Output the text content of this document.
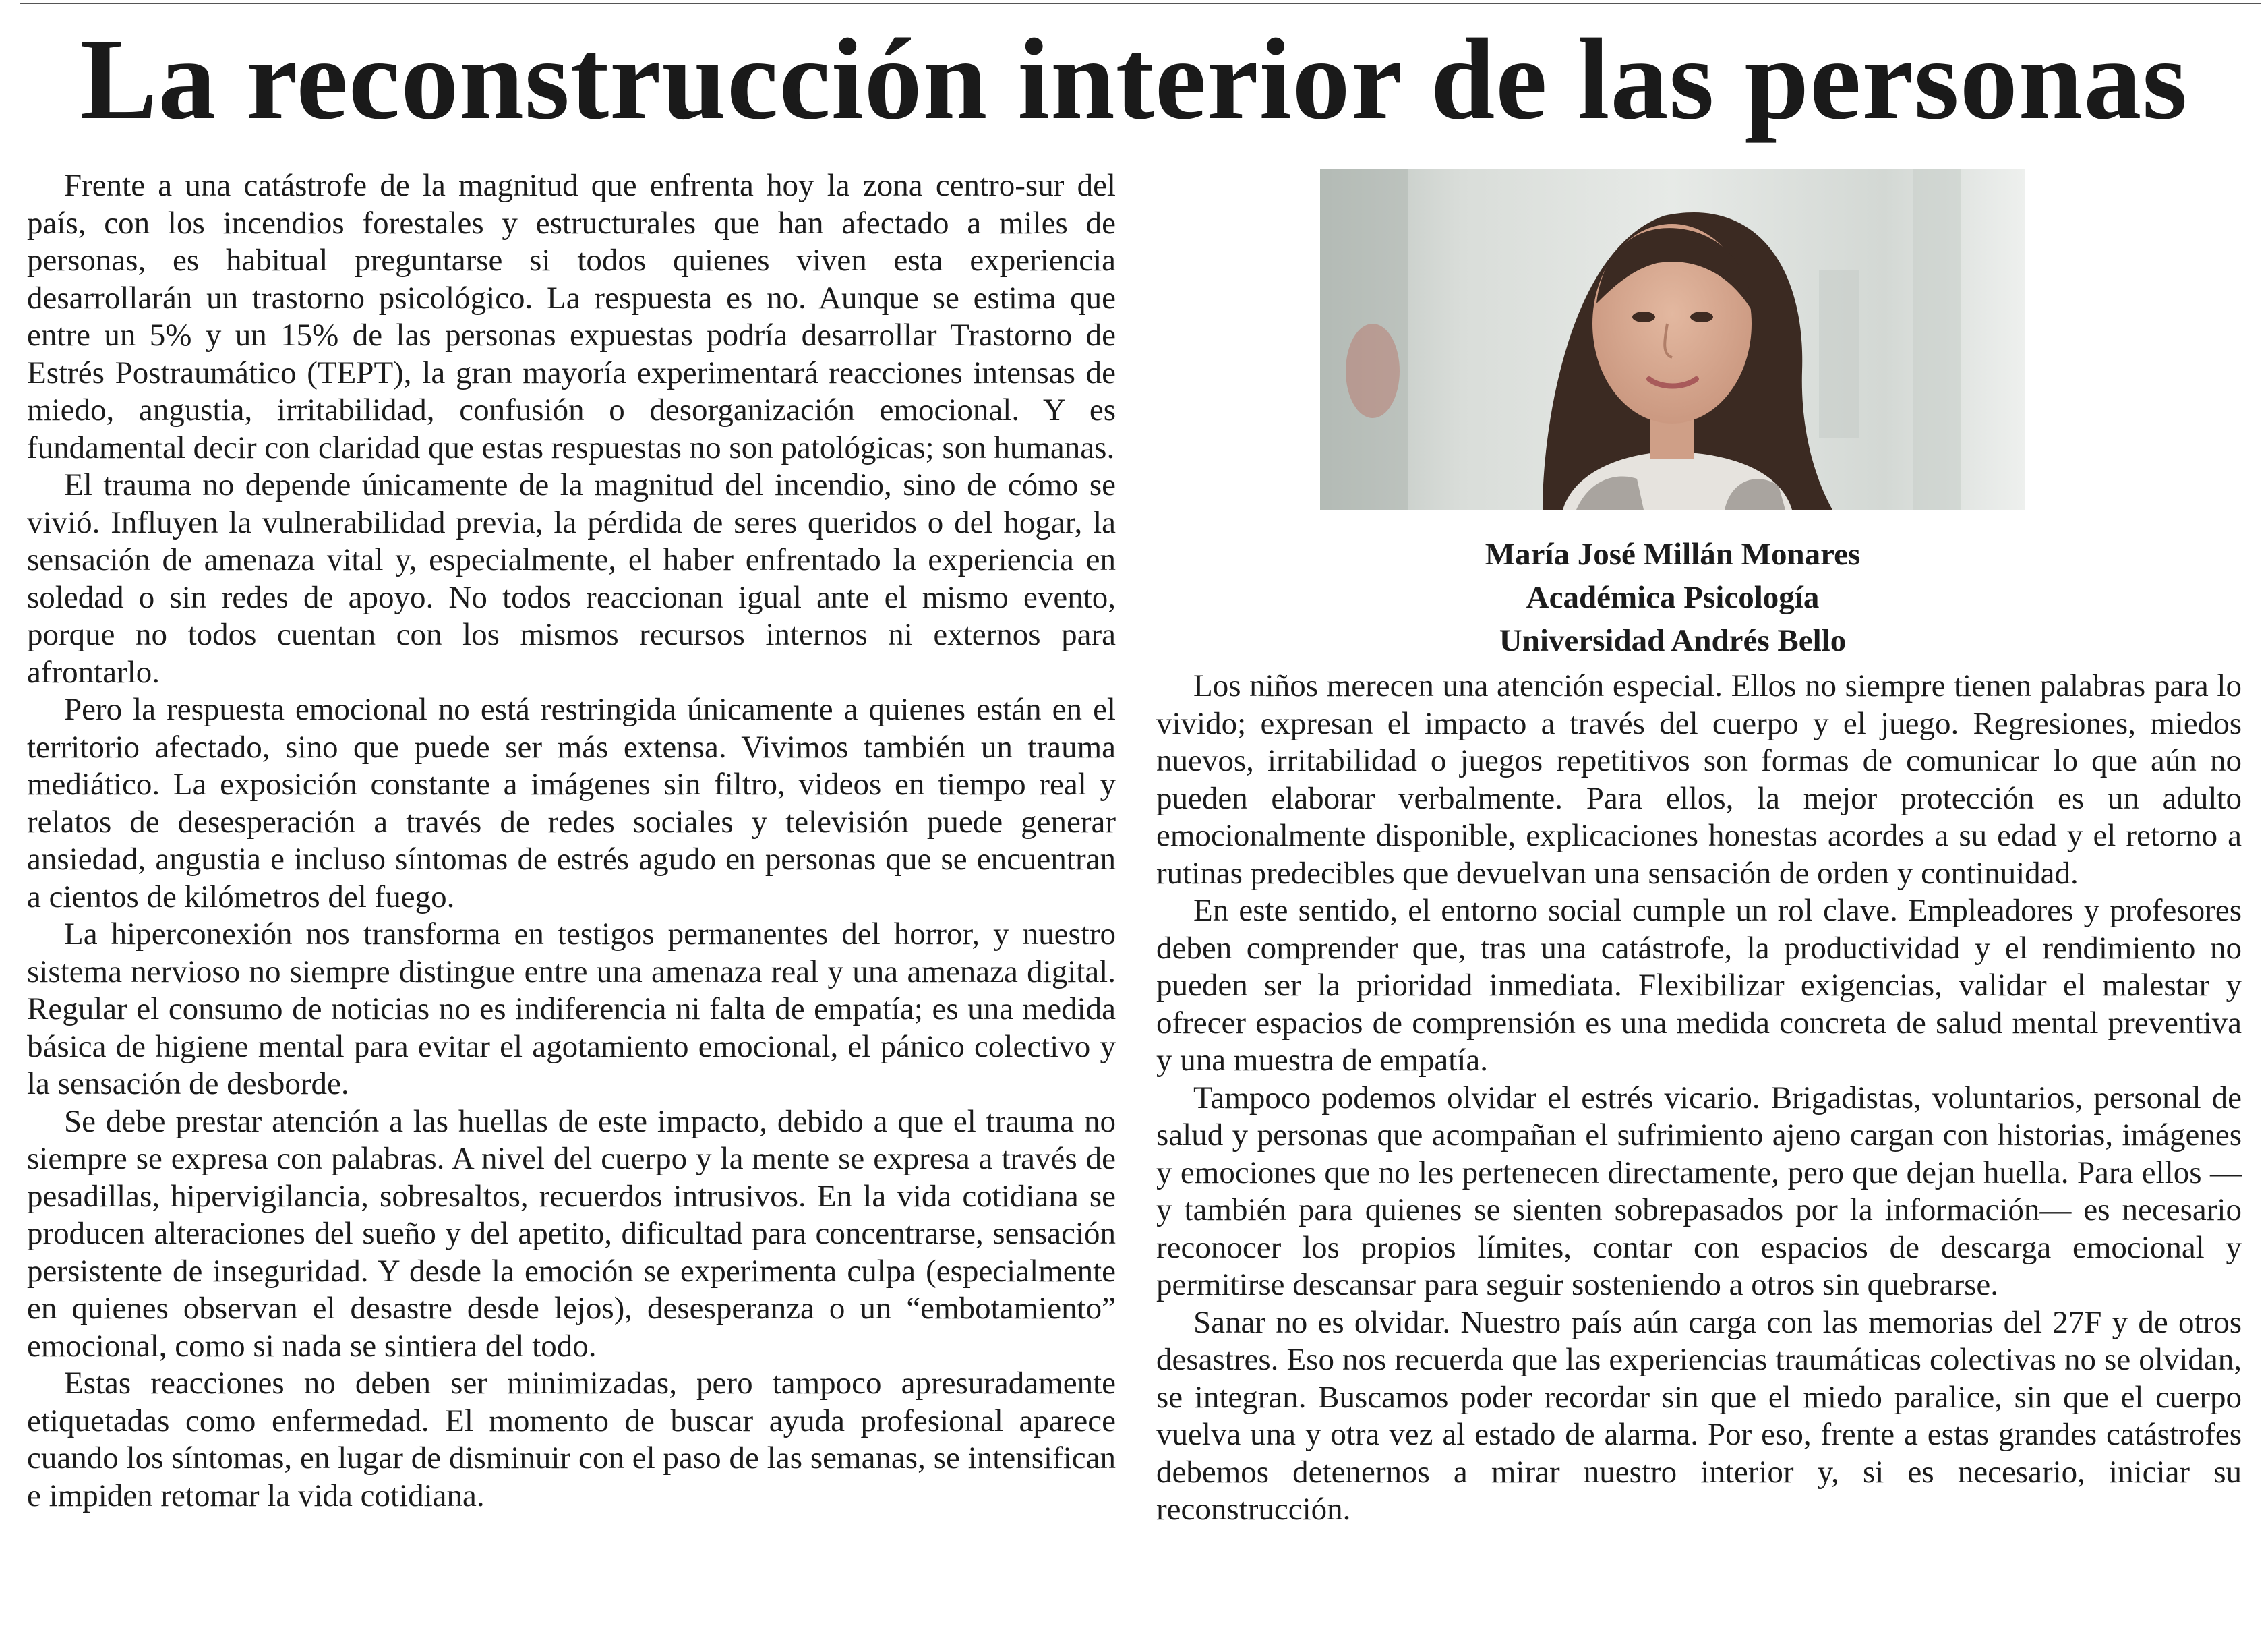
La reconstrucción interior de las personas

Frente a una catástrofe de la magnitud que enfrenta hoy la zona centro-sur del país, con los incendios forestales y estructurales que han afectado a miles de personas, es habitual preguntarse si todos quienes viven esta experiencia desarrollarán un trastorno psicológico. La respuesta es no. Aunque se estima que entre un 5% y un 15% de las personas expuestas podría desarrollar Trastorno de Estrés Postraumático (TEPT), la gran mayoría experimentará reacciones intensas de miedo, angustia, irritabilidad, confusión o desorganización emocional. Y es fundamental decir con claridad que estas respuestas no son patológicas; son humanas.

El trauma no depende únicamente de la magnitud del incendio, sino de cómo se vivió. Influyen la vulnerabilidad previa, la pérdida de seres queridos o del hogar, la sensación de amenaza vital y, especialmente, el haber enfrentado la experiencia en soledad o sin redes de apoyo. No todos reaccionan igual ante el mismo evento, porque no todos cuentan con los mismos recursos internos ni externos para afrontarlo.

Pero la respuesta emocional no está restringida únicamente a quienes están en el territorio afectado, sino que puede ser más extensa. Vivimos también un trauma mediático. La exposición constante a imágenes sin filtro, videos en tiempo real y relatos de desesperación a través de redes sociales y televisión puede generar ansiedad, angustia e incluso síntomas de estrés agudo en personas que se encuentran a cientos de kilómetros del fuego.

La hiperconexión nos transforma en testigos permanentes del horror, y nuestro sistema nervioso no siempre distingue entre una amenaza real y una amenaza digital. Regular el consumo de noticias no es indiferencia ni falta de empatía; es una medida básica de higiene mental para evitar el agotamiento emocional, el pánico colectivo y la sensación de desborde.

Se debe prestar atención a las huellas de este impacto, debido a que el trauma no siempre se expresa con palabras. A nivel del cuerpo y la mente se expresa a través de pesadillas, hipervigilancia, sobresaltos, recuerdos intrusivos. En la vida cotidiana se producen alteraciones del sueño y del apetito, dificultad para concentrarse, sensación persistente de inseguridad. Y desde la emoción se experimenta culpa (especialmente en quienes observan el desastre desde lejos), desesperanza o un “embotamiento” emocional, como si nada se sintiera del todo.

Estas reacciones no deben ser minimizadas, pero tampoco apresuradamente etiquetadas como enfermedad. El momento de buscar ayuda profesional aparece cuando los síntomas, en lugar de disminuir con el paso de las semanas, se intensifican e impiden retomar la vida cotidiana.

María José Millán Monares
Académica Psicología
Universidad Andrés Bello

Los niños merecen una atención especial. Ellos no siempre tienen palabras para lo vivido; expresan el impacto a través del cuerpo y el juego. Regresiones, miedos nuevos, irritabilidad o juegos repetitivos son formas de comunicar lo que aún no pueden elaborar verbalmente. Para ellos, la mejor protección es un adulto emocionalmente disponible, explicaciones honestas acordes a su edad y el retorno a rutinas predecibles que devuelvan una sensación de orden y continuidad.

En este sentido, el entorno social cumple un rol clave. Empleadores y profesores deben comprender que, tras una catástrofe, la productividad y el rendimiento no pueden ser la prioridad inmediata. Flexibilizar exigencias, validar el malestar y ofrecer espacios de comprensión es una medida concreta de salud mental preventiva y una muestra de empatía.

Tampoco podemos olvidar el estrés vicario. Brigadistas, voluntarios, personal de salud y personas que acompañan el sufrimiento ajeno cargan con historias, imágenes y emociones que no les pertenecen directamente, pero que dejan huella. Para ellos —y también para quienes se sienten sobrepasados por la información— es necesario reconocer los propios límites, contar con espacios de descarga emocional y permitirse descansar para seguir sosteniendo a otros sin quebrarse.

Sanar no es olvidar. Nuestro país aún carga con las memorias del 27F y de otros desastres. Eso nos recuerda que las experiencias traumáticas colectivas no se olvidan, se integran. Buscamos poder recordar sin que el miedo paralice, sin que el cuerpo vuelva una y otra vez al estado de alarma. Por eso, frente a estas grandes catástrofes debemos detenernos a mirar nuestro interior y, si es necesario, iniciar su reconstrucción.
